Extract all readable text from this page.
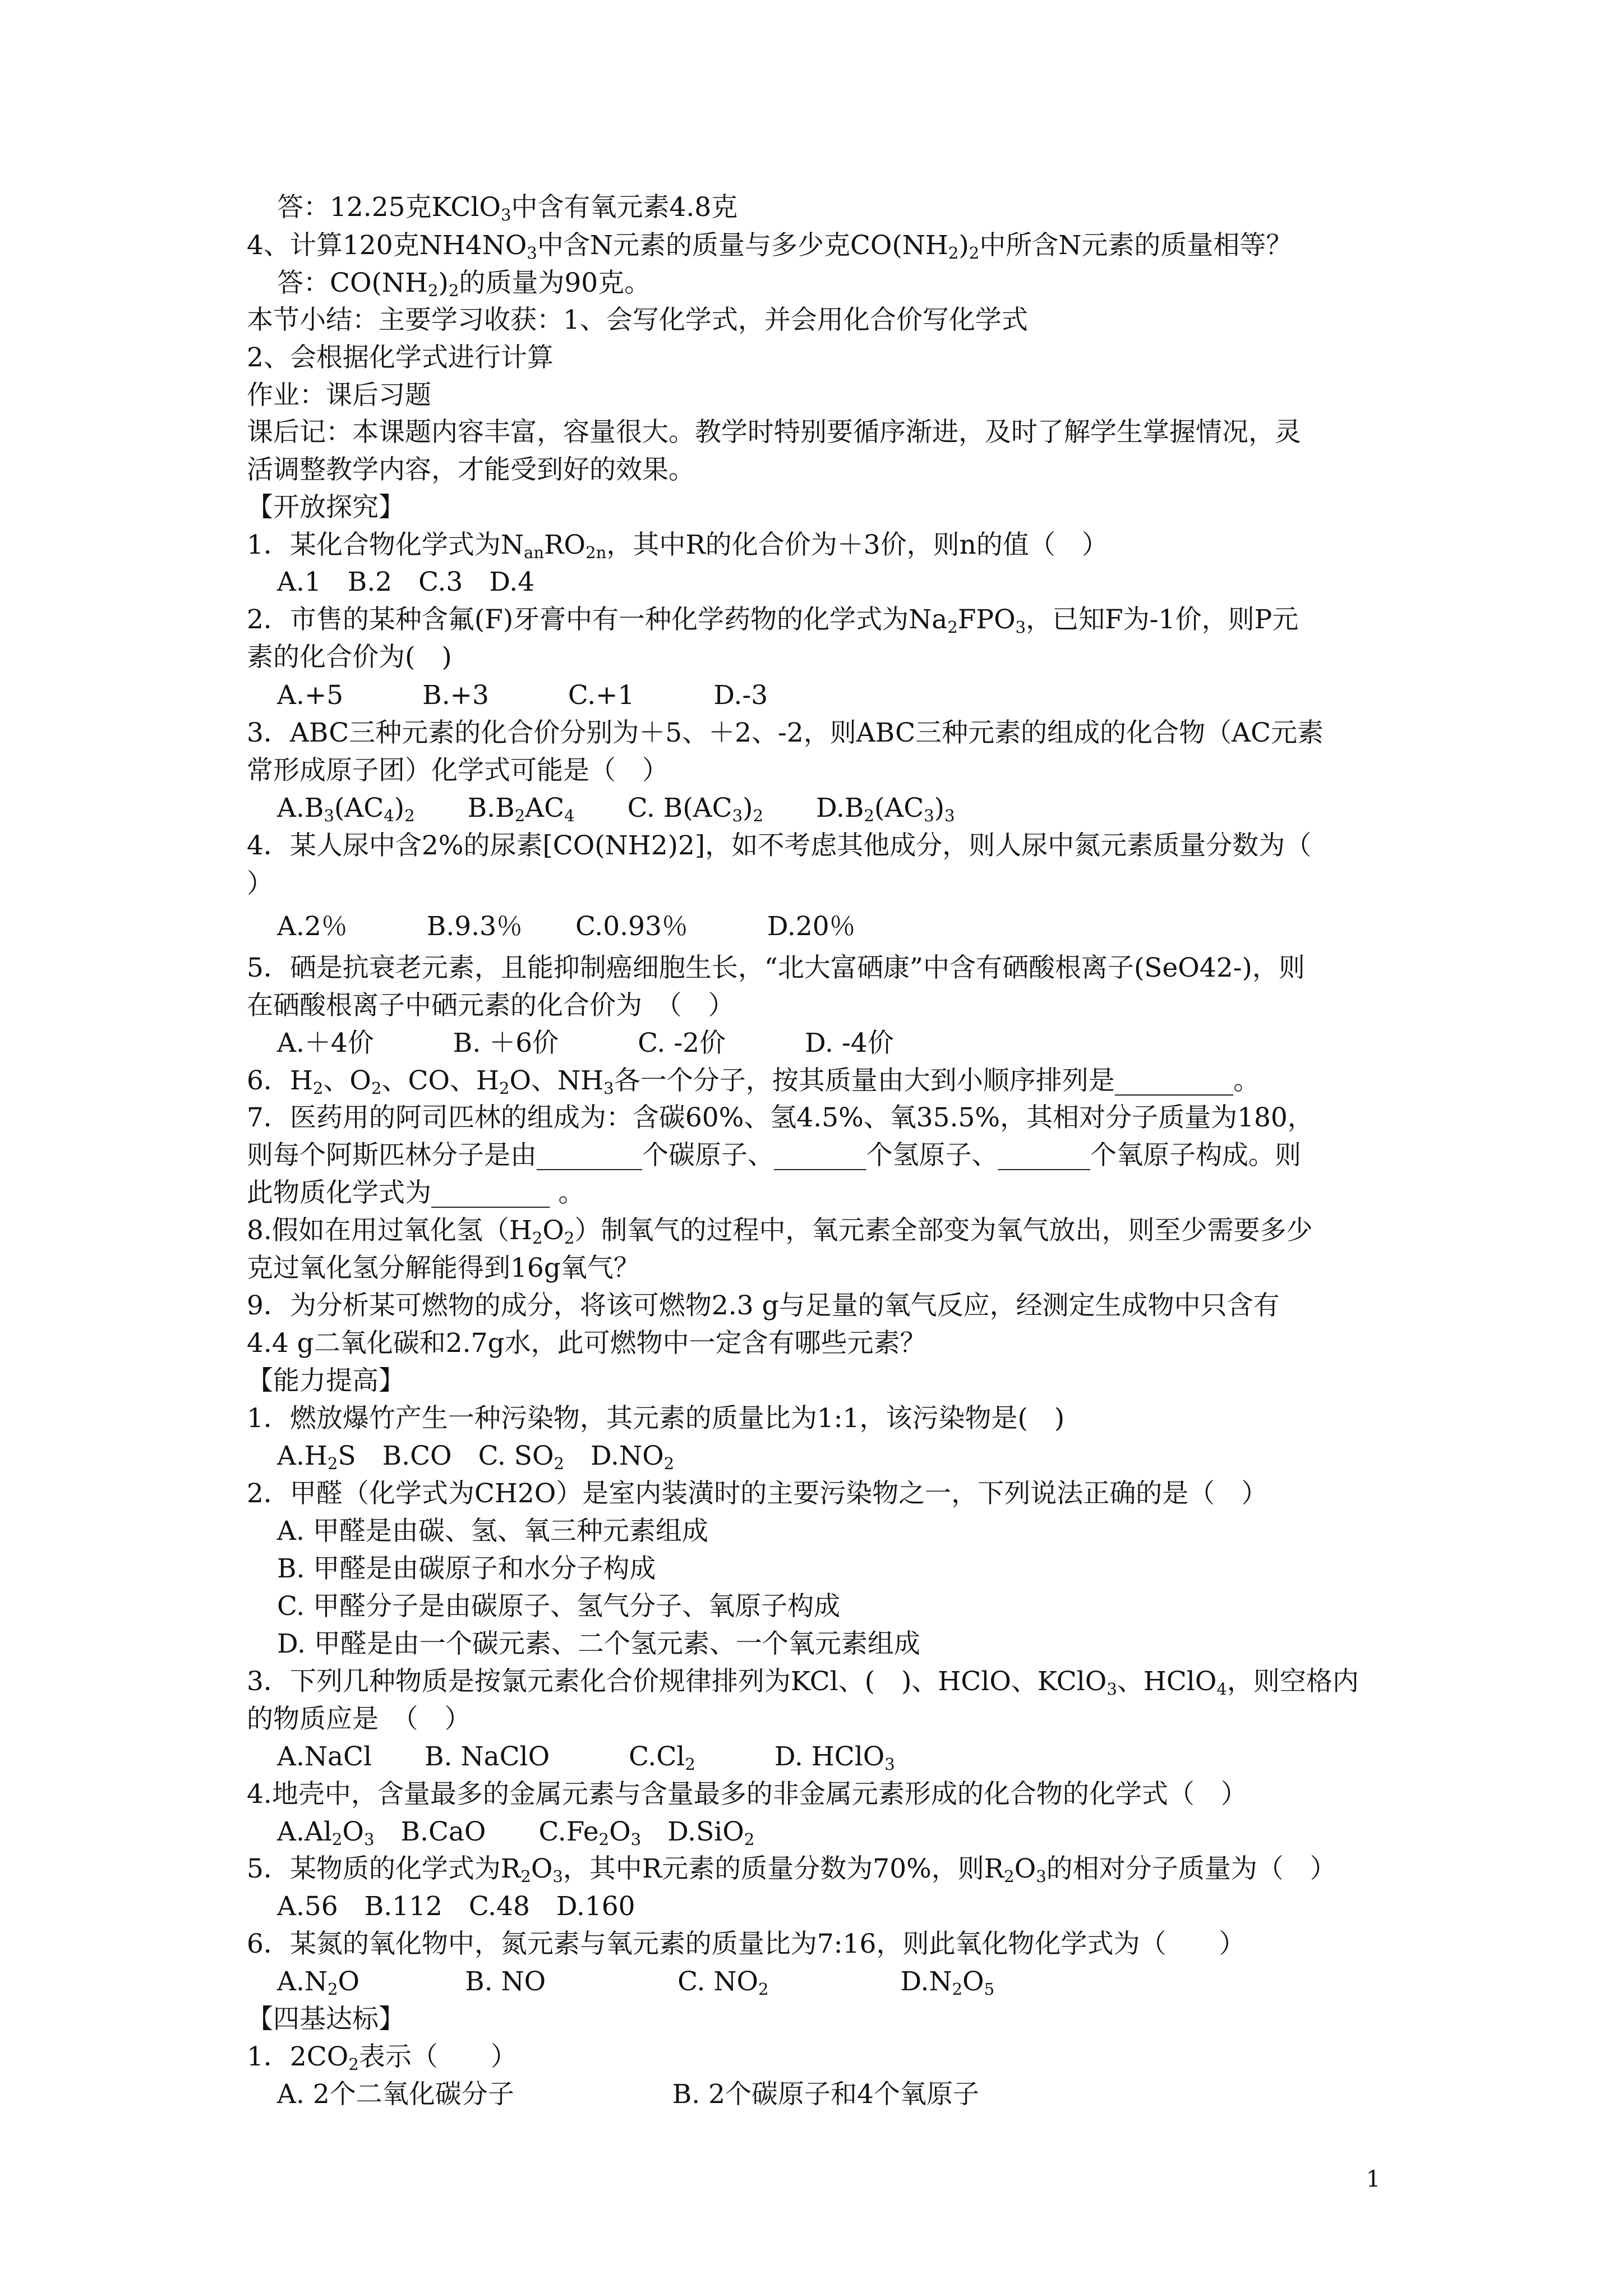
答：12.25克KClO$_3$中含有氧元素4.8克
4、计算120克$NH4NO_3$中含N元素的质量与多少克$CO(NH_2)_2$中所含N元素的质量相等？
答：$CO(NH_2)_2$的质量为90克。
本节小结：主要学习收获：1、会写化学式，并会用化合价写化学式
2、会根据化学式进行计算
作业：课后习题
课后记：本课题内容丰富，容量很大。教学时特别要循序渐进，及时了解学生掌握情况，灵
活调整教学内容，才能受到好的效果。
【开放探究】
1．某化合物化学式为$N_{an}RO_{2n}$，其中R的化合价为＋3价，则n的值（　）
A.1　B.2　C.3　D.4
2．市售的某种含氟(F)牙膏中有一种化学药物的化学式为$Na_2FPO_3$，已知F为-1价，则P元
素的化合价为(　)
A.+5　　　B.+3　　　C.+1　　　D.-3
3．ABC三种元素的化合价分别为＋5、＋2、-2，则ABC三种元素的组成的化合物（AC元素
常形成原子团）化学式可能是（　）
$A.B_3(AC_4)_2$　　$B.B_2AC_4$　　C. $B(AC_3)_2$　　$D.B_2(AC_3)_3$
4．某人尿中含2%的尿素[CO(NH2)2]，如不考虑其他成分，则人尿中氮元素质量分数为（
）
A.2％　　　B.9.3％　　C.0.93％　　　D.20％
5．硒是抗衰老元素，且能抑制癌细胞生长，“北大富硒康”中含有硒酸根离子(SeO42-)，则
在硒酸根离子中硒元素的化合价为　（　）
A.＋4价　　　B. ＋6价　　　C. -2价　　　D. -4价
6．$H_2$、$O_2$、CO、$H_2O$、$NH_3$各一个分子，按其质量由大到小顺序排列是_________。
7．医药用的阿司匹林的组成为：含碳60%、氢4.5%、氧35.5%，其相对分子质量为180，
则每个阿斯匹林分子是由________个碳原子、_______个氢原子、_______个氧原子构成。则
此物质化学式为_________ 。
8.假如在用过氧化氢$(H_2O_2)$制氧气的过程中，氧元素全部变为氧气放出，则至少需要多少
克过氧化氢分解能得到16g氧气？
9．为分析某可燃物的成分，将该可燃物2.3 g与足量的氧气反应，经测定生成物中只含有
4.4 g二氧化碳和2.7g水，此可燃物中一定含有哪些元素？
【能力提高】
1．燃放爆竹产生一种污染物，其元素的质量比为1:1，该污染物是(　)
$A.H_2S$　B.CO　C. $SO_2$　$D.NO_2$
2．甲醛（化学式为CH2O）是室内装潢时的主要污染物之一，下列说法正确的是（　）
A. 甲醛是由碳、氢、氧三种元素组成
B. 甲醛是由碳原子和水分子构成
C. 甲醛分子是由碳原子、氢气分子、氧原子构成
D. 甲醛是由一个碳元素、二个氢元素、一个氧元素组成
3．下列几种物质是按氯元素化合价规律排列为KCl、(　)、HClO、KClO$_3$、HClO$_4$，则空格内
的物质应是　（　）
A.NaCl　　B. NaClO　　　$C.Cl_2$　　　D. HClO$_3$
4.地壳中，含量最多的金属元素与含量最多的非金属元素形成的化合物的化学式（　）
$A.Al_2O_3$　B.CaO　　$C.Fe_2O_3$　D.SiO$_2$
5．某物质的化学式为$R_2O_3$，其中R元素的质量分数为70%，则$R_2O_3$的相对分子质量为（　）
A.56　B.112　C.48　D.160
6．某氮的氧化物中，氮元素与氧元素的质量比为7:16，则此氧化物化学式为（　　）
$A.N_2O$　　　　B. NO　　　　　C. $NO_2$　　　　　$D.N_2O_5$
【四基达标】
1．$2CO_2$表示（　　）
A. 2个二氧化碳分子　　　　　　B. 2个碳原子和4个氧原子
1
